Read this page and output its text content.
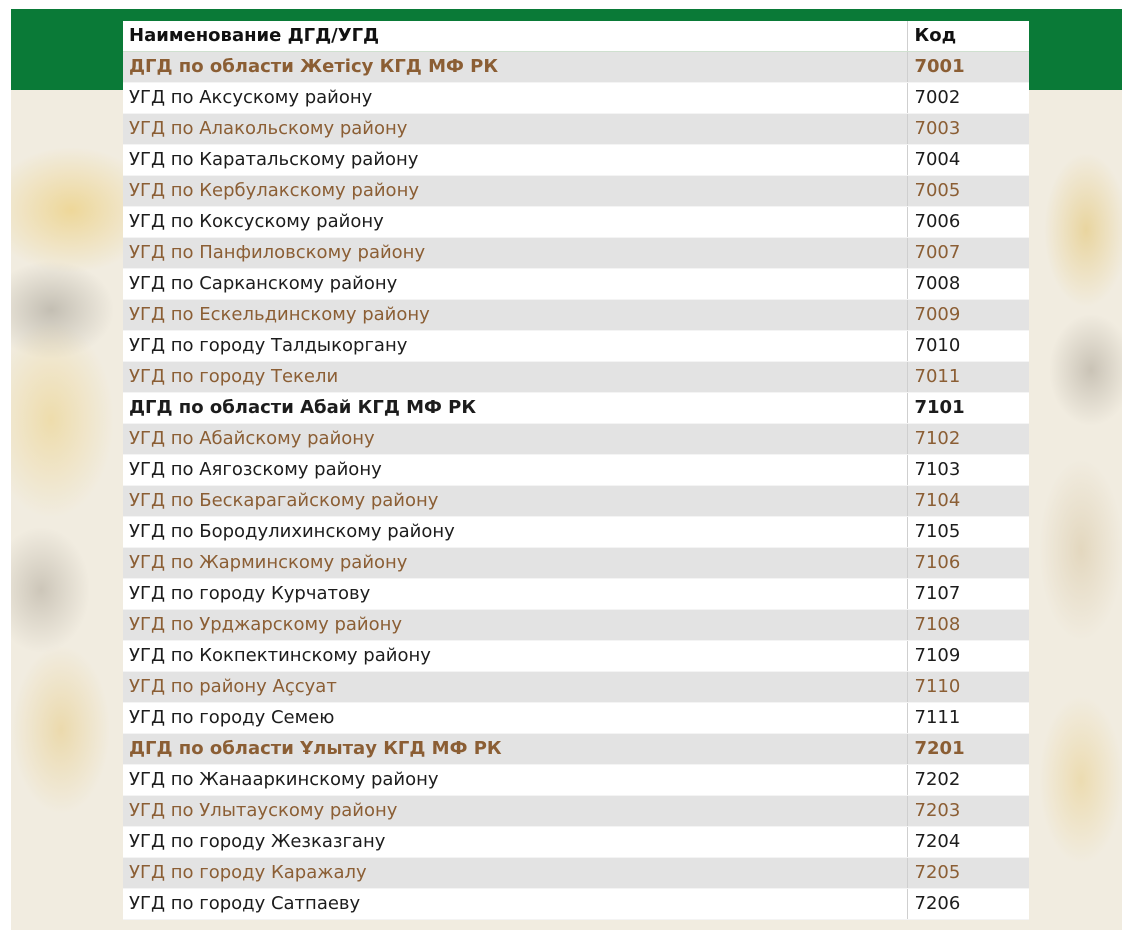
Наименование ДГД/УГД	Код
ДГД по области Жетісу КГД МФ РК	7001
УГД по Аксускому району	7002
УГД по Алакольскому району	7003
УГД по Каратальскому району	7004
УГД по Кербулакскому району	7005
УГД по Коксускому району	7006
УГД по Панфиловскому району	7007
УГД по Сарканскому району	7008
УГД по Ескельдинскому району	7009
УГД по городу Талдыкоргану	7010
УГД по городу Текели	7011
ДГД по области Абай КГД МФ РК	7101
УГД по Абайскому району	7102
УГД по Аягозскому району	7103
УГД по Бескарагайскому району	7104
УГД по Бородулихинскому району	7105
УГД по Жарминскому району	7106
УГД по городу Курчатову	7107
УГД по Урджарскому району	7108
УГД по Кокпектинскому району	7109
УГД по району Аҫсуат	7110
УГД по городу Семею	7111
ДГД по области Ұлытау КГД МФ РК	7201
УГД по Жанааркинскому району	7202
УГД по Улытаускому району	7203
УГД по городу Жезказгану	7204
УГД по городу Каражалу	7205
УГД по городу Сатпаеву	7206
